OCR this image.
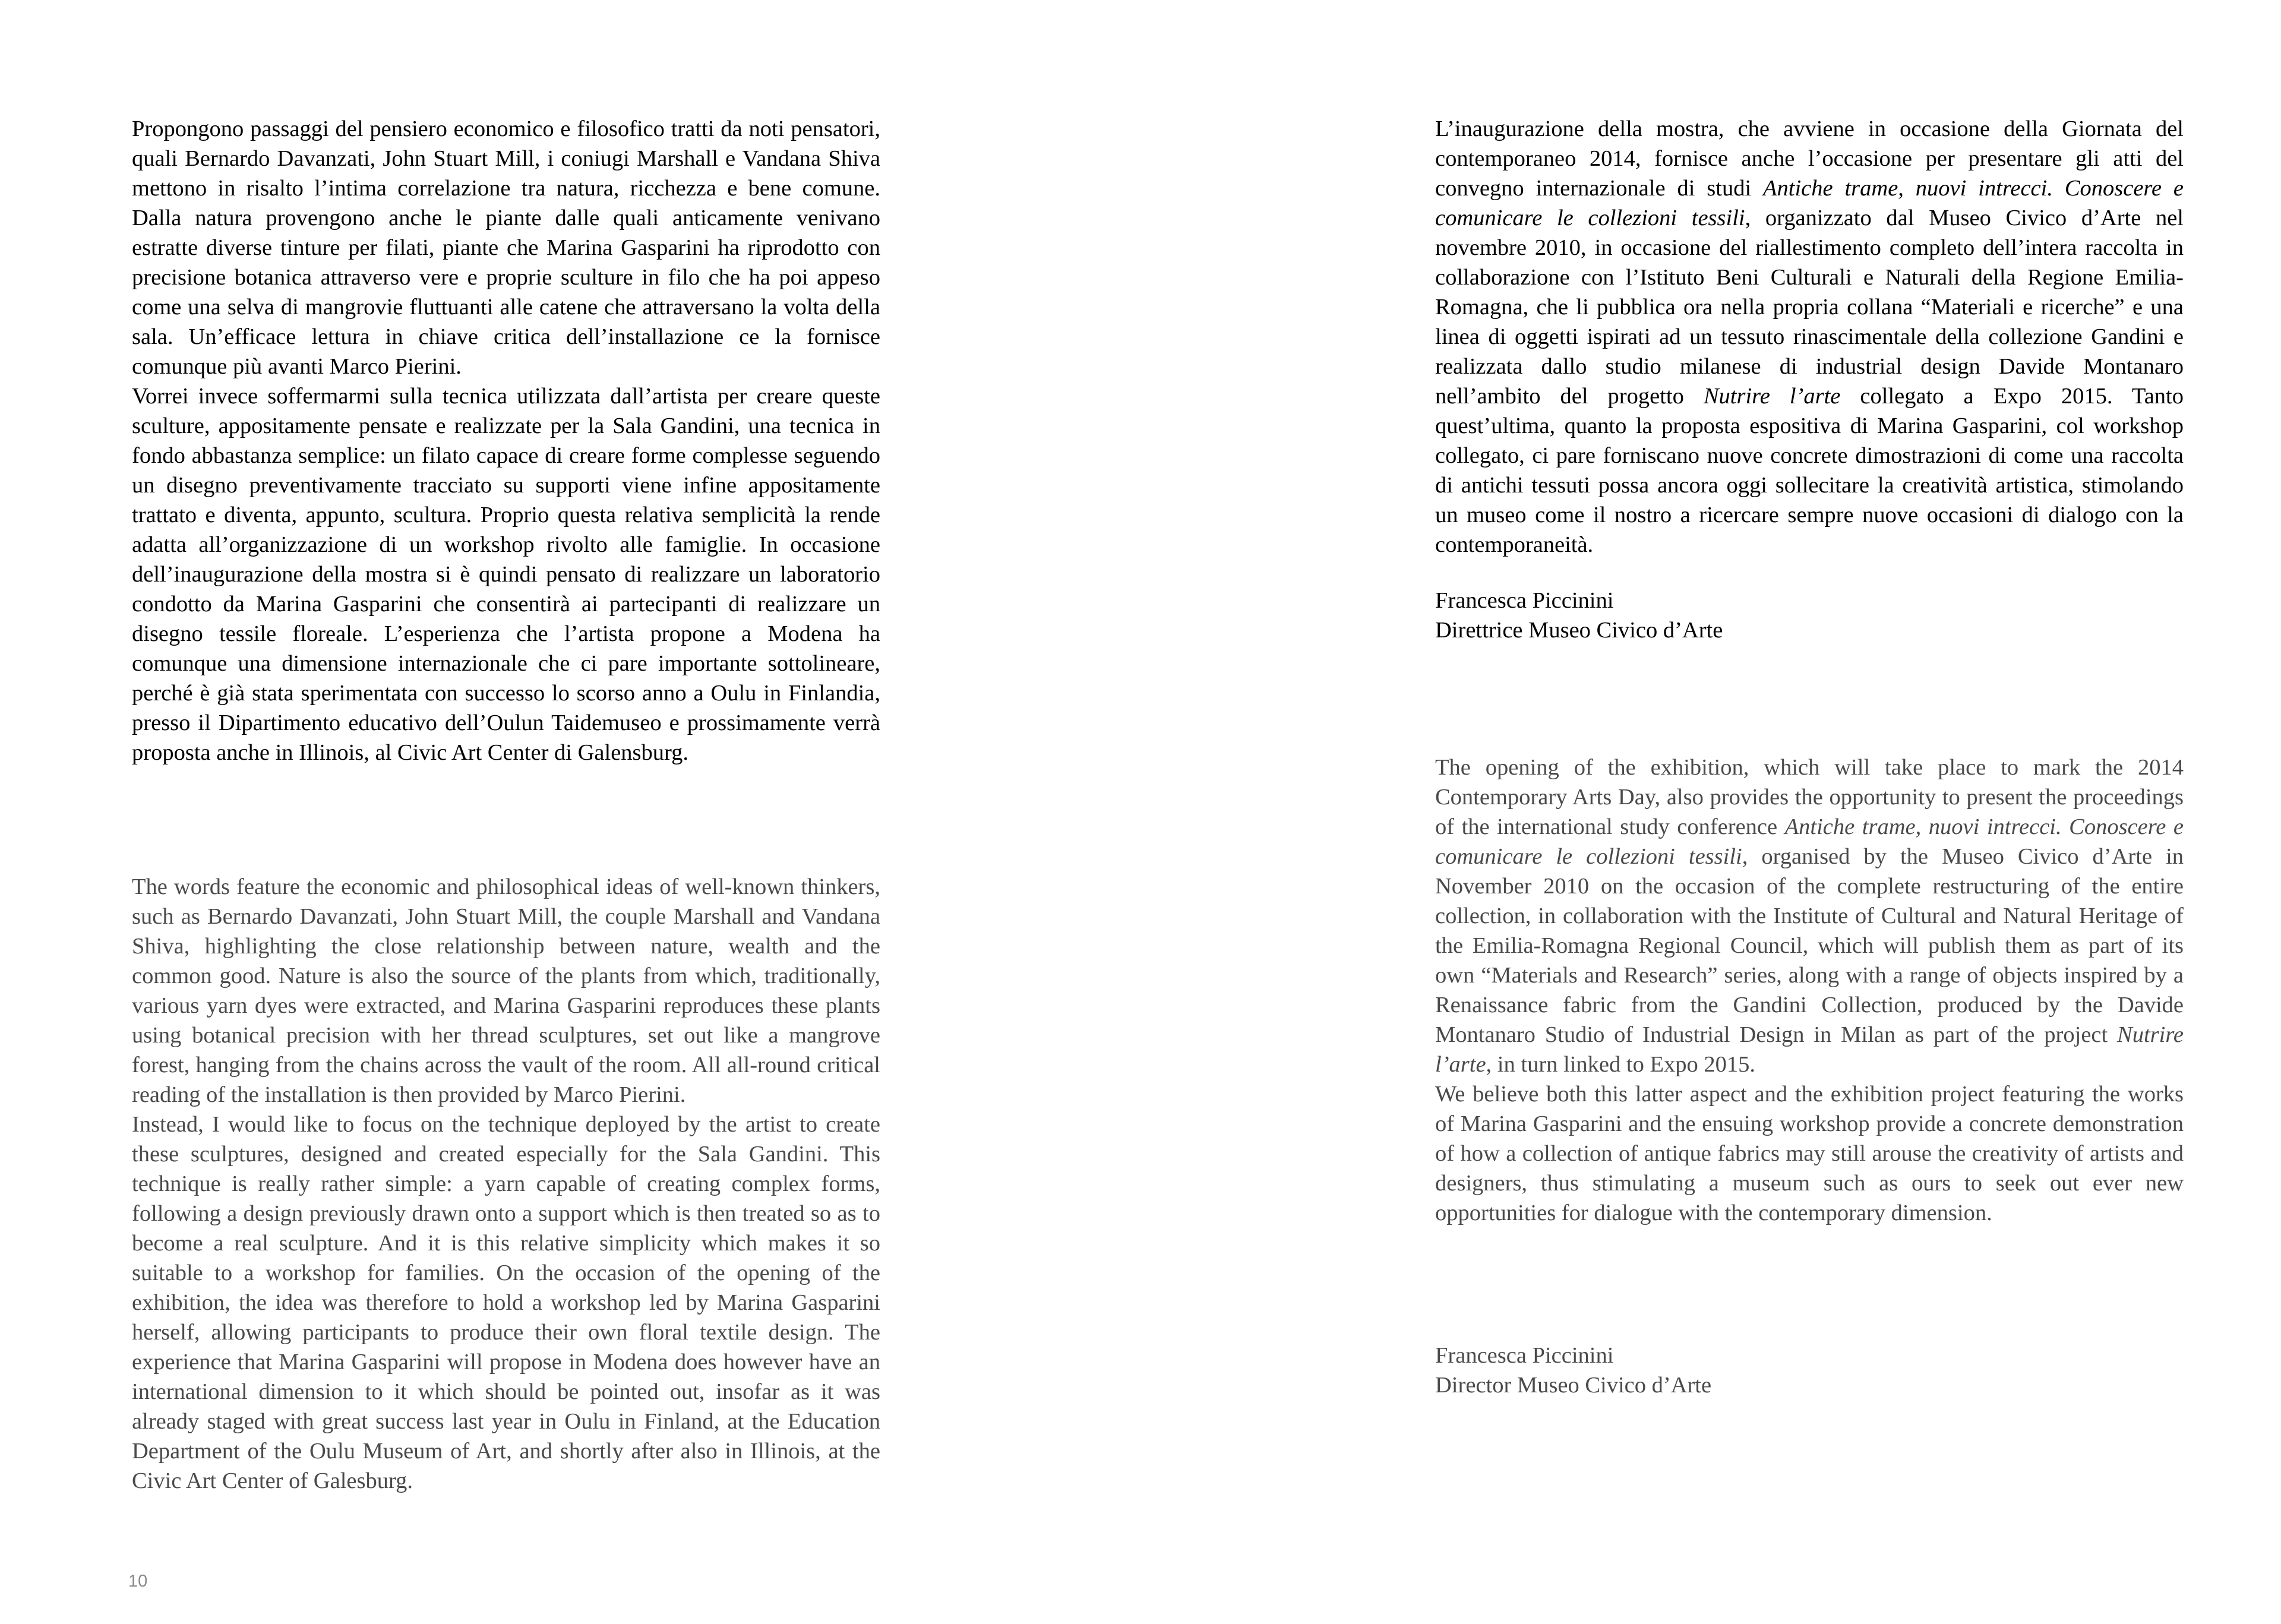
Propongono passaggi del pensiero economico e filosofico tratti da noti pensatori, quali Bernardo Davanzati, John Stuart Mill, i coniugi Marshall e Vandana Shiva mettono in risalto l’intima correlazione tra natura, ricchezza e bene comune. Dalla natura provengono anche le piante dalle quali anticamente venivano estratte diverse tinture per filati, piante che Marina Gasparini ha riprodotto con precisione botanica attraverso vere e proprie sculture in filo che ha poi appeso come una selva di mangrovie fluttuanti alle catene che attraversano la volta della sala. Un’efficace lettura in chiave critica dell’installazione ce la fornisce comunque più avanti Marco Pierini.

Vorrei invece soffermarmi sulla tecnica utilizzata dall’artista per creare queste sculture, appositamente pensate e realizzate per la Sala Gandini, una tecnica in fondo abbastanza semplice: un filato capace di creare forme complesse seguendo un disegno preventivamente tracciato su supporti viene infine appositamente trattato e diventa, appunto, scultura. Proprio questa relativa semplicità la rende adatta all’organizzazione di un workshop rivolto alle famiglie. In occasione dell’inaugurazione della mostra si è quindi pensato di realizzare un laboratorio condotto da Marina Gasparini che consentirà ai partecipanti di realizzare un disegno tessile floreale. L’esperienza che l’artista propone a Modena ha comunque una dimensione internazionale che ci pare importante sottolineare, perché è già stata sperimentata con successo lo scorso anno a Oulu in Finlandia, presso il Dipartimento educativo dell’Oulun Taidemuseo e prossimamente verrà proposta anche in Illinois, al Civic Art Center di Galensburg.

The words feature the economic and philosophical ideas of well-known thinkers, such as Bernardo Davanzati, John Stuart Mill, the couple Marshall and Vandana Shiva, highlighting the close relationship between nature, wealth and the common good. Nature is also the source of the plants from which, traditionally, various yarn dyes were extracted, and Marina Gasparini reproduces these plants using botanical precision with her thread sculptures, set out like a mangrove forest, hanging from the chains across the vault of the room. All all-round critical reading of the installation is then provided by Marco Pierini.

Instead, I would like to focus on the technique deployed by the artist to create these sculptures, designed and created especially for the Sala Gandini. This technique is really rather simple: a yarn capable of creating complex forms, following a design previously drawn onto a support which is then treated so as to become a real sculpture. And it is this relative simplicity which makes it so suitable to a workshop for families. On the occasion of the opening of the exhibition, the idea was therefore to hold a workshop led by Marina Gasparini herself, allowing participants to produce their own floral textile design. The experience that Marina Gasparini will propose in Modena does however have an international dimension to it which should be pointed out, insofar as it was already staged with great success last year in Oulu in Finland, at the Education Department of the Oulu Museum of Art, and shortly after also in Illinois, at the Civic Art Center of Galesburg.

10

L’inaugurazione della mostra, che avviene in occasione della Giornata del contemporaneo 2014, fornisce anche l’occasione per presentare gli atti del convegno internazionale di studi Antiche trame, nuovi intrecci. Conoscere e comunicare le collezioni tessili, organizzato dal Museo Civico d’Arte nel novembre 2010, in occasione del riallestimento completo dell’intera raccolta in collaborazione con l’Istituto Beni Culturali e Naturali della Regione Emilia-Romagna, che li pubblica ora nella propria collana “Materiali e ricerche” e una linea di oggetti ispirati ad un tessuto rinascimentale della collezione Gandini e realizzata dallo studio milanese di industrial design Davide Montanaro nell’ambito del progetto Nutrire l’arte collegato a Expo 2015. Tanto quest’ultima, quanto la proposta espositiva di Marina Gasparini, col workshop collegato, ci pare forniscano nuove concrete dimostrazioni di come una raccolta di antichi tessuti possa ancora oggi sollecitare la creatività artistica, stimolando un museo come il nostro a ricercare sempre nuove occasioni di dialogo con la contemporaneità.

Francesca Piccinini

Direttrice Museo Civico d’Arte

The opening of the exhibition, which will take place to mark the 2014 Contemporary Arts Day, also provides the opportunity to present the proceedings of the international study conference Antiche trame, nuovi intrecci. Conoscere e comunicare le collezioni tessili, organised by the Museo Civico d’Arte in November 2010 on the occasion of the complete restructuring of the entire collection, in collaboration with the Institute of Cultural and Natural Heritage of the Emilia-Romagna Regional Council, which will publish them as part of its own “Materials and Research” series, along with a range of objects inspired by a Renaissance fabric from the Gandini Collection, produced by the Davide Montanaro Studio of Industrial Design in Milan as part of the project Nutrire l’arte, in turn linked to Expo 2015.

We believe both this latter aspect and the exhibition project featuring the works of Marina Gasparini and the ensuing workshop provide a concrete demonstration of how a collection of antique fabrics may still arouse the creativity of artists and designers, thus stimulating a museum such as ours to seek out ever new opportunities for dialogue with the contemporary dimension.

Francesca Piccinini

Director Museo Civico d’Arte
